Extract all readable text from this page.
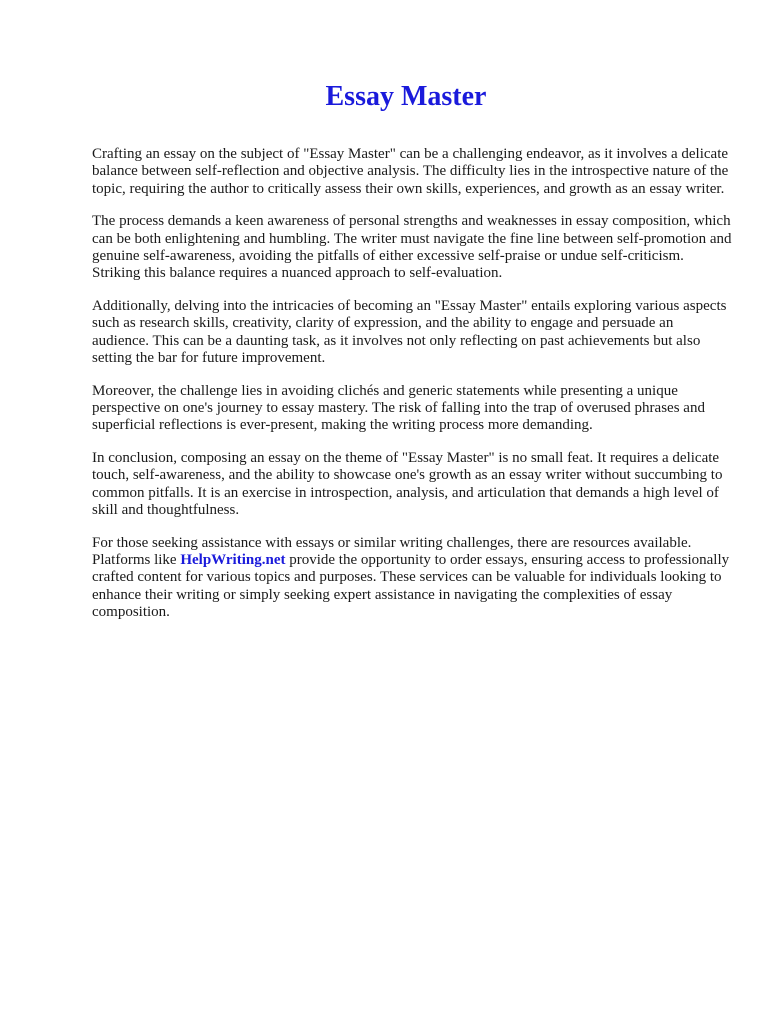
Essay Master

Crafting an essay on the subject of "Essay Master" can be a challenging endeavor, as it involves a delicate balance between self-reflection and objective analysis. The difficulty lies in the introspective nature of the topic, requiring the author to critically assess their own skills, experiences, and growth as an essay writer.

The process demands a keen awareness of personal strengths and weaknesses in essay composition, which can be both enlightening and humbling. The writer must navigate the fine line between self-promotion and genuine self-awareness, avoiding the pitfalls of either excessive self-praise or undue self-criticism. Striking this balance requires a nuanced approach to self-evaluation.

Additionally, delving into the intricacies of becoming an "Essay Master" entails exploring various aspects such as research skills, creativity, clarity of expression, and the ability to engage and persuade an audience. This can be a daunting task, as it involves not only reflecting on past achievements but also setting the bar for future improvement.

Moreover, the challenge lies in avoiding clichés and generic statements while presenting a unique perspective on one's journey to essay mastery. The risk of falling into the trap of overused phrases and superficial reflections is ever-present, making the writing process more demanding.

In conclusion, composing an essay on the theme of "Essay Master" is no small feat. It requires a delicate touch, self-awareness, and the ability to showcase one's growth as an essay writer without succumbing to common pitfalls. It is an exercise in introspection, analysis, and articulation that demands a high level of skill and thoughtfulness.

For those seeking assistance with essays or similar writing challenges, there are resources available. Platforms like HelpWriting.net provide the opportunity to order essays, ensuring access to professionally crafted content for various topics and purposes. These services can be valuable for individuals looking to enhance their writing or simply seeking expert assistance in navigating the complexities of essay composition.
